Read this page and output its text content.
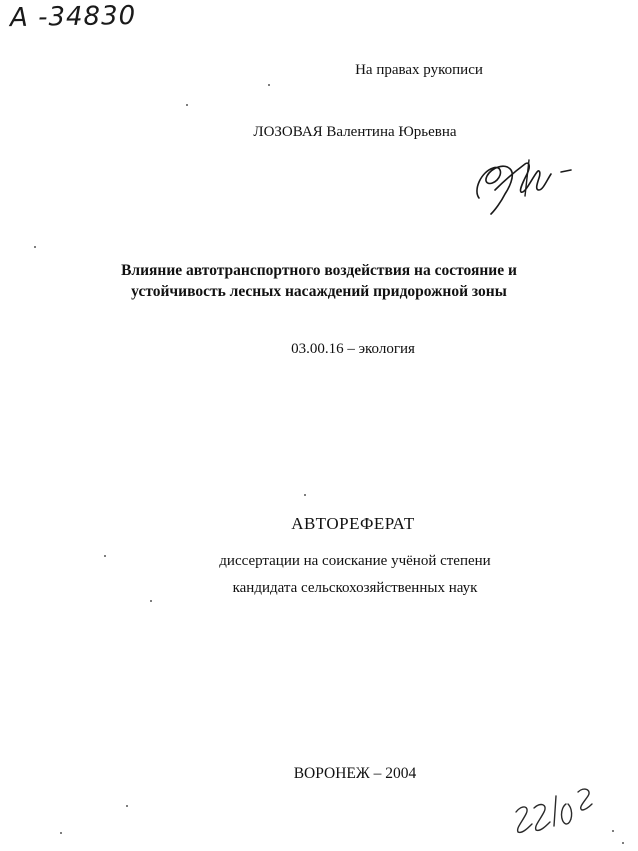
А -34830
На правах рукописи
ЛОЗОВАЯ Валентина Юрьевна
Влияние автотранспортного воздействия на состояние и
устойчивость лесных насаждений придорожной зоны
03.00.16 – экология
АВТОРЕФЕРАТ
диссертации на соискание учёной степени
кандидата сельскохозяйственных наук
ВОРОНЕЖ – 2004
